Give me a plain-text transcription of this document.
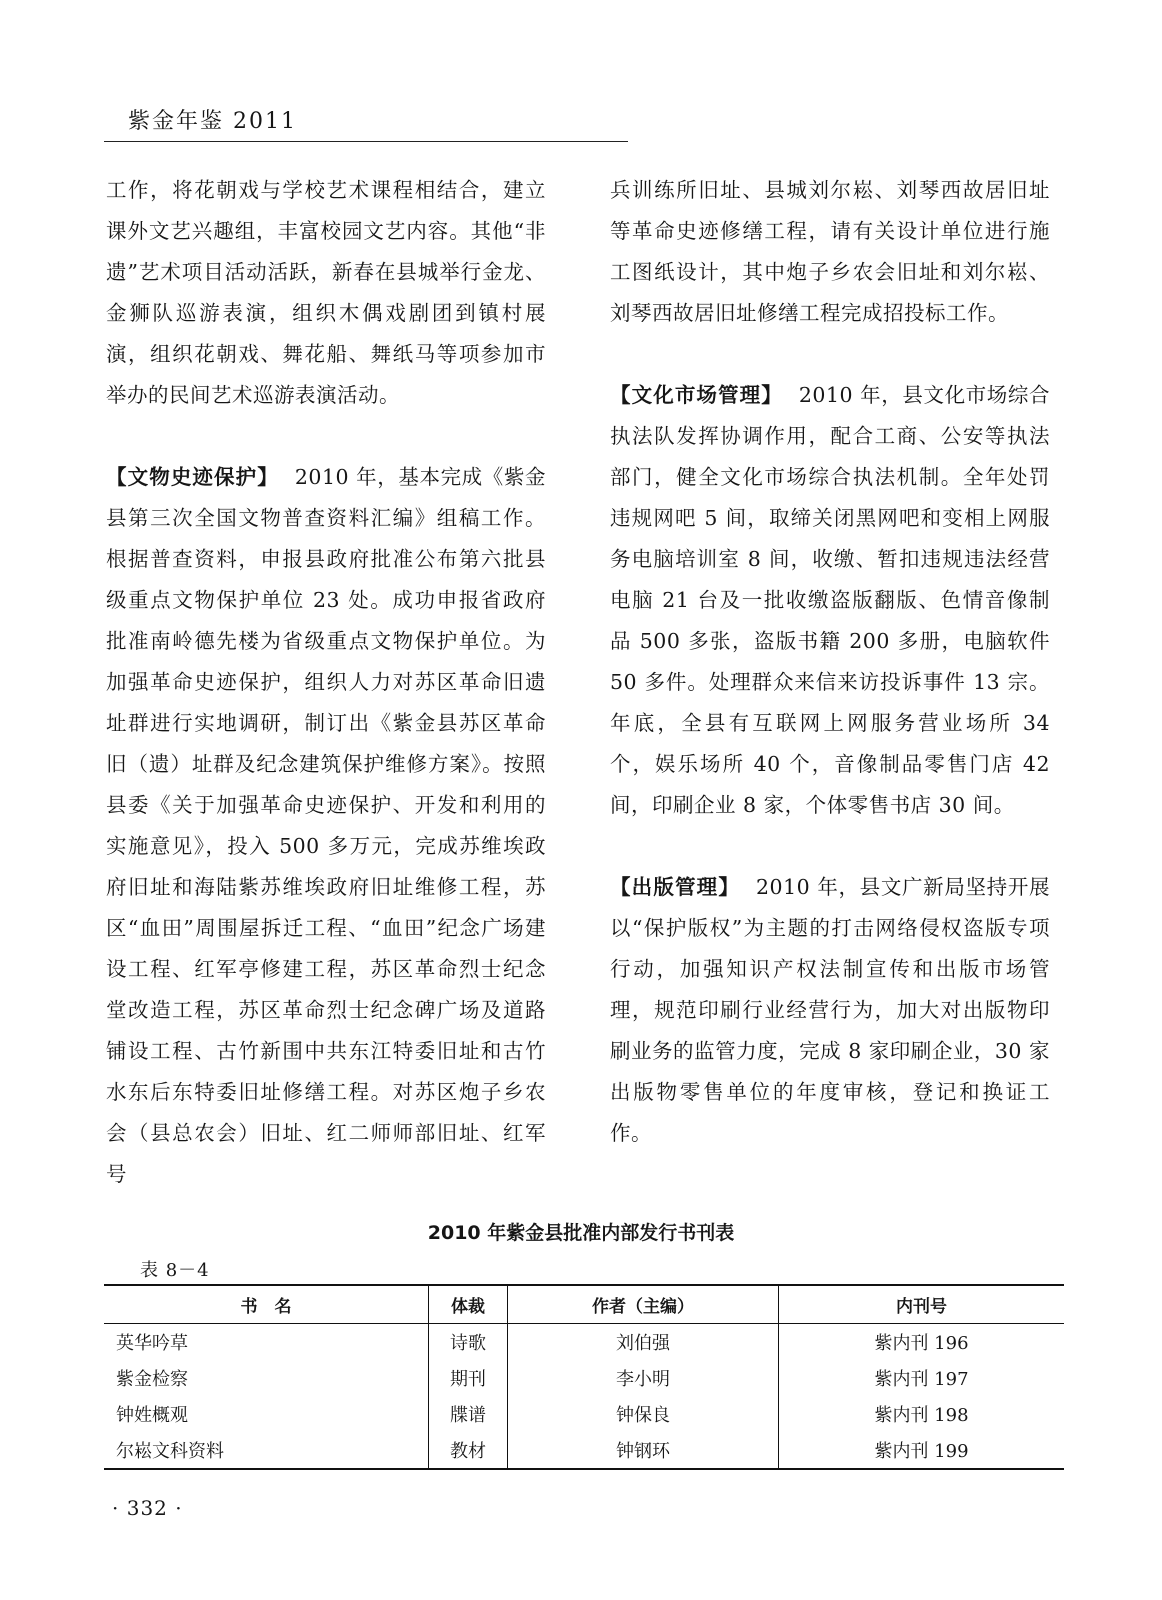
紫金年鉴 2011

工作，将花朝戏与学校艺术课程相结合，建立课外文艺兴趣组，丰富校园文艺内容。其他“非遗”艺术项目活动活跃，新春在县城举行金龙、金狮队巡游表演，组织木偶戏剧团到镇村展演，组织花朝戏、舞花船、舞纸马等项参加市举办的民间艺术巡游表演活动。

【文物史迹保护】 2010 年，基本完成《紫金县第三次全国文物普查资料汇编》组稿工作。根据普查资料，申报县政府批准公布第六批县级重点文物保护单位 23 处。成功申报省政府批准南岭德先楼为省级重点文物保护单位。为加强革命史迹保护，组织人力对苏区革命旧遗址群进行实地调研，制订出《紫金县苏区革命旧（遗）址群及纪念建筑保护维修方案》。按照县委《关于加强革命史迹保护、开发和利用的实施意见》，投入 500 多万元，完成苏维埃政府旧址和海陆紫苏维埃政府旧址维修工程，苏区“血田”周围屋拆迁工程、“血田”纪念广场建设工程、红军亭修建工程，苏区革命烈士纪念堂改造工程，苏区革命烈士纪念碑广场及道路铺设工程、古竹新围中共东江特委旧址和古竹水东后东特委旧址修缮工程。对苏区炮子乡农会（县总农会）旧址、红二师师部旧址、红军号

兵训练所旧址、县城刘尔崧、刘琴西故居旧址等革命史迹修缮工程，请有关设计单位进行施工图纸设计，其中炮子乡农会旧址和刘尔崧、刘琴西故居旧址修缮工程完成招投标工作。

【文化市场管理】 2010 年，县文化市场综合执法队发挥协调作用，配合工商、公安等执法部门，健全文化市场综合执法机制。全年处罚违规网吧 5 间，取缔关闭黑网吧和变相上网服务电脑培训室 8 间，收缴、暂扣违规违法经营电脑 21 台及一批收缴盗版翻版、色情音像制品 500 多张，盗版书籍 200 多册，电脑软件 50 多件。处理群众来信来访投诉事件 13 宗。年底，全县有互联网上网服务营业场所 34 个，娱乐场所 40 个，音像制品零售门店 42 间，印刷企业 8 家，个体零售书店 30 间。

【出版管理】 2010 年，县文广新局坚持开展以“保护版权”为主题的打击网络侵权盗版专项行动，加强知识产权法制宣传和出版市场管理，规范印刷行业经营行为，加大对出版物印刷业务的监管力度，完成 8 家印刷企业，30 家出版物零售单位的年度审核，登记和换证工作。

2010 年紫金县批准内部发行书刊表
表 8－4
书　名	体裁	作者（主编）	内刊号
英华吟草	诗歌	刘伯强	紫内刊 196
紫金检察	期刊	李小明	紫内刊 197
钟姓概观	牒谱	钟保良	紫内刊 198
尔崧文科资料	教材	钟钢环	紫内刊 199
· 332 ·
